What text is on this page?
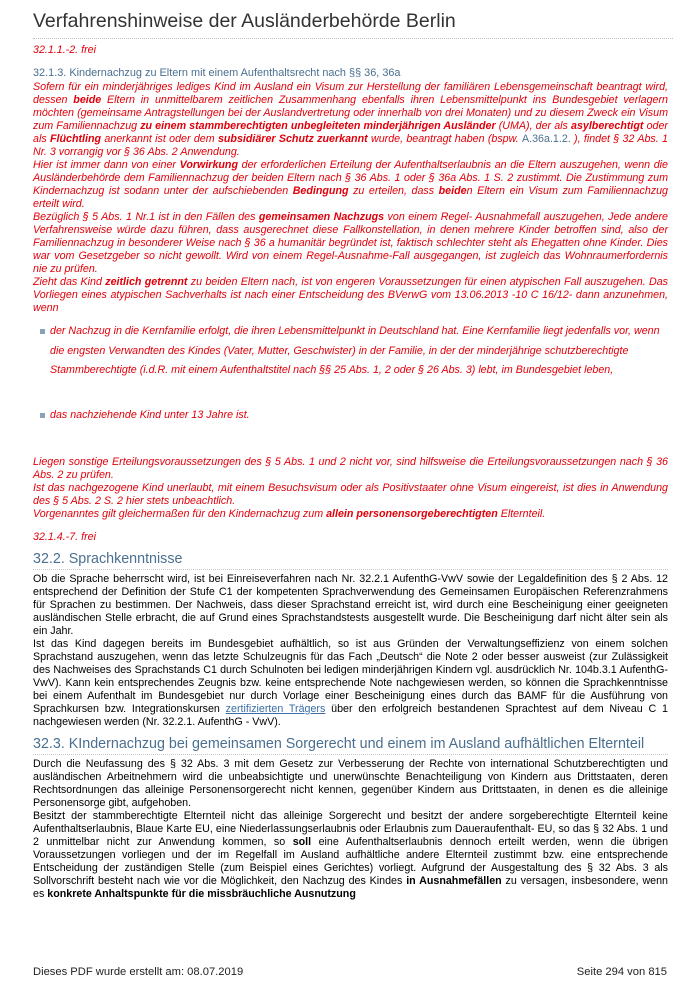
Verfahrenshinweise der Ausländerbehörde Berlin

32.1.1.-2. frei

32.1.3. Kindernachzug zu Eltern mit einem Aufenthaltsrecht nach §§ 36, 36a

Sofern für ein minderjähriges lediges Kind im Ausland ein Visum zur Herstellung der familiären Lebensgemeinschaft beantragt wird, dessen beide Eltern in unmittelbarem zeitlichen Zusammenhang ebenfalls ihren Lebensmittelpunkt ins Bundesgebiet verlagern möchten (gemeinsame Antragstellungen bei der Auslandvertretung oder innerhalb von drei Monaten) und zu diesem Zweck ein Visum zum Familiennachzug zu einem stammberechtigten unbegleiteten minderjährigen Ausländer (UMA), der als asylberechtigt oder als Flüchtling anerkannt ist oder dem subsidiärer Schutz zuerkannt wurde, beantragt haben (bspw. A.36a.1.2. ), findet § 32 Abs. 1 Nr. 3 vorrangig vor § 36 Abs. 2 Anwendung.

Hier ist immer dann von einer Vorwirkung der erforderlichen Erteilung der Aufenthaltserlaubnis an die Eltern auszugehen, wenn die Ausländerbehörde dem Familiennachzug der beiden Eltern nach § 36 Abs. 1 oder § 36a Abs. 1 S. 2 zustimmt. Die Zustimmung zum Kindernachzug ist sodann unter der aufschiebenden Bedingung zu erteilen, dass beiden Eltern ein Visum zum Familiennachzug erteilt wird.

Bezüglich § 5 Abs. 1 Nr.1 ist in den Fällen des gemeinsamen Nachzugs von einem Regel- Ausnahmefall auszugehen, Jede andere Verfahrensweise würde dazu führen, dass ausgerechnet diese Fallkonstellation, in denen mehrere Kinder betroffen sind, also der Familiennachzug in besonderer Weise nach § 36 a humanitär begründet ist, faktisch schlechter steht als Ehegatten ohne Kinder. Dies war vom Gesetzgeber so nicht gewollt. Wird von einem Regel-Ausnahme-Fall ausgegangen, ist zugleich das Wohnraumerfordernis nie zu prüfen.

Zieht das Kind zeitlich getrennt zu beiden Eltern nach, ist von engeren Voraussetzungen für einen atypischen Fall auszugehen. Das Vorliegen eines atypischen Sachverhalts ist nach einer Entscheidung des BVerwG vom 13.06.2013 -10 C 16/12- dann anzunehmen, wenn

der Nachzug in die Kernfamilie erfolgt, die ihren Lebensmittelpunkt in Deutschland hat. Eine Kernfamilie liegt jedenfalls vor, wenn die engsten Verwandten des Kindes (Vater, Mutter, Geschwister) in der Familie, in der der minderjährige schutzberechtigte Stammberechtigte (i.d.R. mit einem Aufenthaltstitel nach §§ 25 Abs. 1, 2 oder § 26 Abs. 3) lebt, im Bundesgebiet leben,
das nachziehende Kind unter 13 Jahre ist.

Liegen sonstige Erteilungsvoraussetzungen des § 5 Abs. 1 und 2 nicht vor, sind hilfsweise die Erteilungsvoraussetzungen nach § 36 Abs. 2 zu prüfen.

Ist das nachgezogene Kind unerlaubt, mit einem Besuchsvisum oder als Positivstaater ohne Visum eingereist, ist dies in Anwendung des § 5 Abs. 2 S. 2 hier stets unbeachtlich.

Vorgenanntes gilt gleichermaßen für den Kindernachzug zum allein personensorgeberechtigten Elternteil.

32.1.4.-7. frei

32.2. Sprachkenntnisse

Ob die Sprache beherrscht wird, ist bei Einreiseverfahren nach Nr. 32.2.1 AufenthG-VwV sowie der Legaldefinition des § 2 Abs. 12 entsprechend der Definition der Stufe C1 der kompetenten Sprachverwendung des Gemeinsamen Europäischen Referenzrahmens für Sprachen zu bestimmen. Der Nachweis, dass dieser Sprachstand erreicht ist, wird durch eine Bescheinigung einer geeigneten ausländischen Stelle erbracht, die auf Grund eines Sprachstandstests ausgestellt wurde. Die Bescheinigung darf nicht älter sein als ein Jahr.

Ist das Kind dagegen bereits im Bundesgebiet aufhältlich, so ist aus Gründen der Verwaltungseffizienz von einem solchen Sprachstand auszugehen, wenn das letzte Schulzeugnis für das Fach „Deutsch“ die Note 2 oder besser ausweist (zur Zulässigkeit des Nachweises des Sprachstands C1 durch Schulnoten bei ledigen minderjährigen Kindern vgl. ausdrücklich Nr. 104b.3.1 AufenthG-VwV). Kann kein entsprechendes Zeugnis bzw. keine entsprechende Note nachgewiesen werden, so können die Sprachkenntnisse bei einem Aufenthalt im Bundesgebiet nur durch Vorlage einer Bescheinigung eines durch das BAMF für die Ausführung von Sprachkursen bzw. Integrationskursen zertifizierten Trägers über den erfolgreich bestandenen Sprachtest auf dem Niveau C 1 nachgewiesen werden (Nr. 32.2.1. AufenthG - VwV).

32.3. KIndernachzug bei gemeinsamen Sorgerecht und einem im Ausland aufhältlichen Elternteil

Durch die Neufassung des § 32 Abs. 3 mit dem Gesetz zur Verbesserung der Rechte von international Schutzberechtigten und ausländischen Arbeitnehmern wird die unbeabsichtigte und unerwünschte Benachteiligung von Kindern aus Drittstaaten, deren Rechtsordnungen das alleinige Personensorgerecht nicht kennen, gegenüber Kindern aus Drittstaaten, in denen es die alleinige Personensorge gibt, aufgehoben.

Besitzt der stammberechtigte Elternteil nicht das alleinige Sorgerecht und besitzt der andere sorgeberechtigte Elternteil keine Aufenthaltserlaubnis, Blaue Karte EU, eine Niederlassungserlaubnis oder Erlaubnis zum Daueraufenthalt- EU, so das § 32 Abs. 1 und 2 unmittelbar nicht zur Anwendung kommen, so soll eine Aufenthaltserlaubnis dennoch erteilt werden, wenn die übrigen Voraussetzungen vorliegen und der im Regelfall im Ausland aufhältliche andere Elternteil zustimmt bzw. eine entsprechende Entscheidung der zuständigen Stelle (zum Beispiel eines Gerichtes) vorliegt. Aufgrund der Ausgestaltung des § 32 Abs. 3 als Sollvorschrift besteht nach wie vor die Möglichkeit, den Nachzug des Kindes in Ausnahmefällen zu versagen, insbesondere, wenn es konkrete Anhaltspunkte für die missbräuchliche Ausnutzung

Dieses PDF wurde erstellt am: 08.07.2019	Seite 294 von 815
